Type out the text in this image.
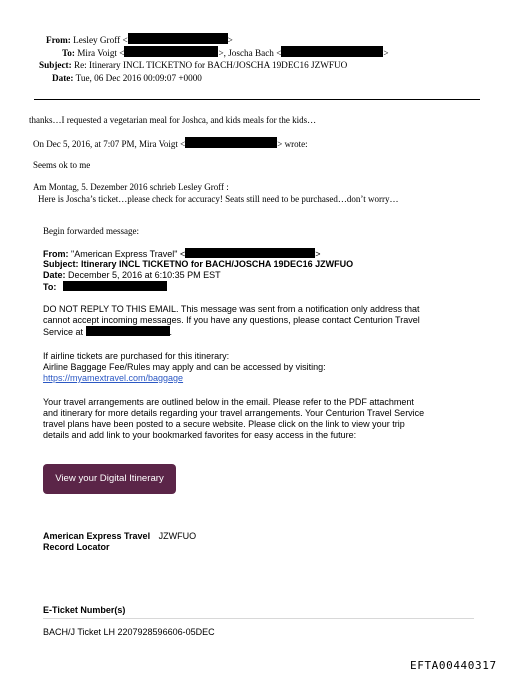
From: Lesley Groff <	>
To: Mira Voigt <	>, Joscha Bach <	>
Subject: Re: Itinerary INCL TICKETNO for BACH/JOSCHA 19DEC16 JZWFUO
Date: Tue, 06 Dec 2016 00:09:07 +0000
thanks…I requested a vegetarian meal for Joshca, and kids meals for the kids…
On Dec 5, 2016, at 7:07 PM, Mira Voigt <	> wrote:
Seems ok to me
Am Montag, 5. Dezember 2016 schrieb Lesley Groff :
Here is Joscha’s ticket…please check for accuracy! Seats still need to be purchased…don’t worry…
Begin forwarded message:
From: "American Express Travel" <	>
Subject: Itinerary INCL TICKETNO for BACH/JOSCHA 19DEC16 JZWFUO
Date: December 5, 2016 at 6:10:35 PM EST
To:
DO NOT REPLY TO THIS EMAIL. This message was sent from a notification only address that
cannot accept incoming messages. If you have any questions, please contact Centurion Travel
Service at	.
If airline tickets are purchased for this itinerary:
Airline Baggage Fee/Rules may apply and can be accessed by visiting:
https://myamextravel.com/baggage
Your travel arrangements are outlined below in the email. Please refer to the PDF attachment
and itinerary for more details regarding your travel arrangements. Your Centurion Travel Service
travel plans have been posted to a secure website. Please click on the link to view your trip
details and add link to your bookmarked favorites for easy access in the future:
View your Digital Itinerary
American Express Travel JZWFUO
Record Locator
E-Ticket Number(s)
BACH/J Ticket LH 2207928596606-05DEC
EFTA00440317
